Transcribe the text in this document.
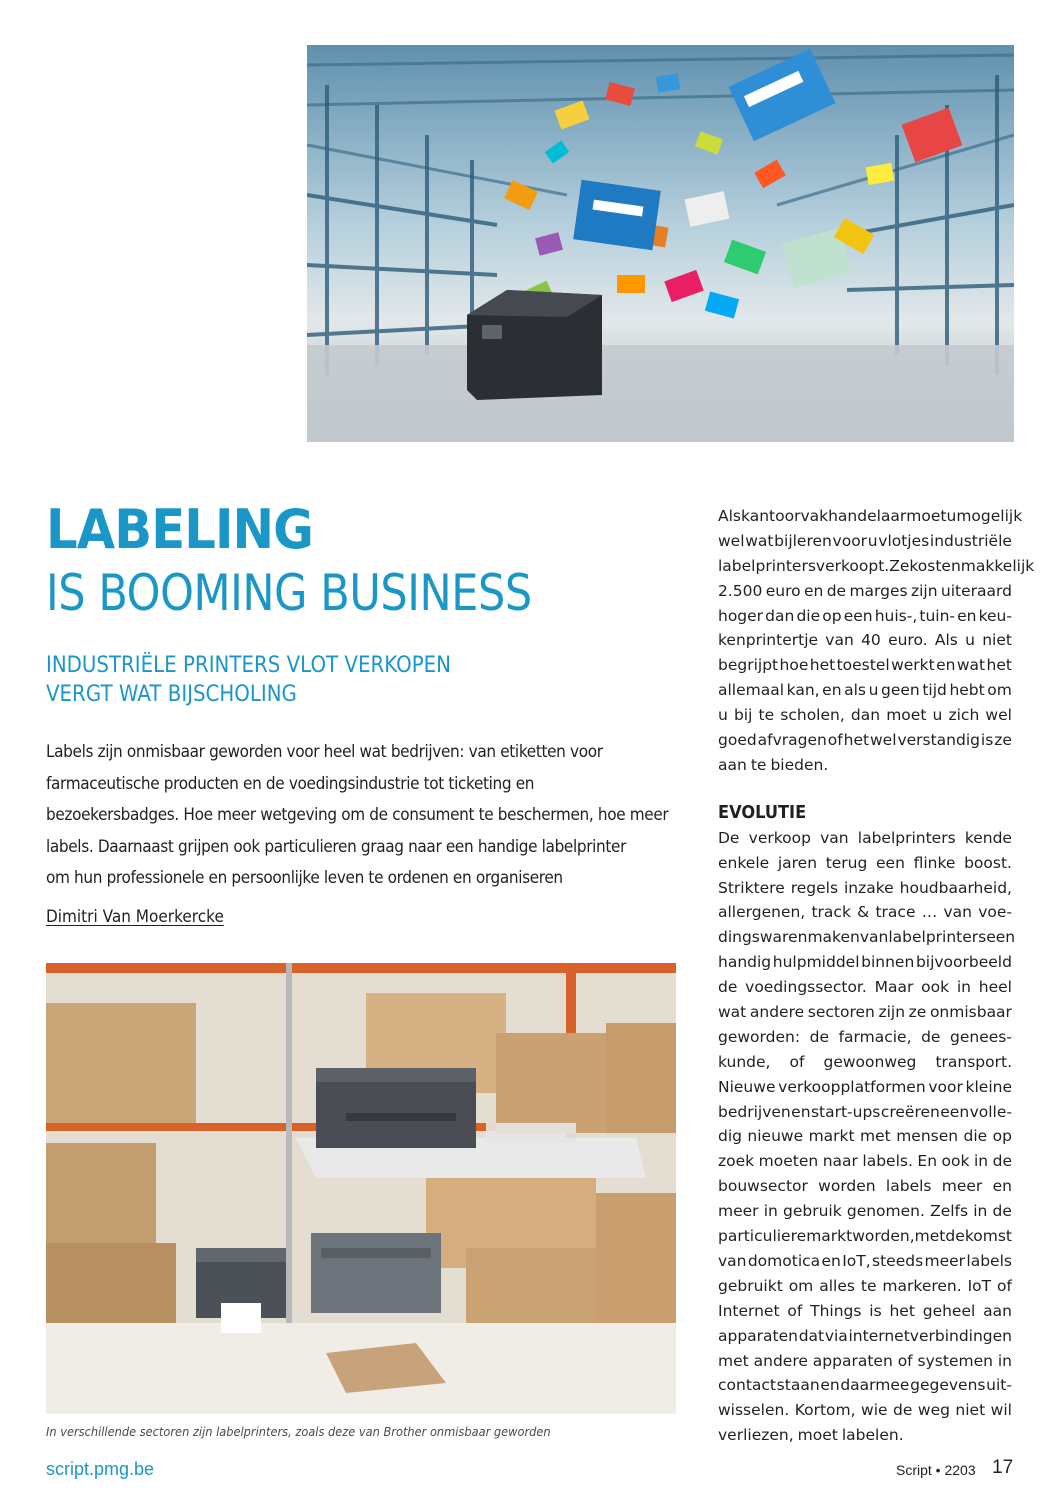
LABELING
IS BOOMING BUSINESS
INDUSTRIËLE PRINTERS VLOT VERKOPEN
VERGT WAT BIJSCHOLING
Labels zijn onmisbaar geworden voor heel wat bedrijven: van etiketten voor
farmaceutische producten en de voedingsindustrie tot ticketing en
bezoekersbadges. Hoe meer wetgeving om de consument te beschermen, hoe meer
labels. Daarnaast grijpen ook particulieren graag naar een handige labelprinter
om hun professionele en persoonlijke leven te ordenen en organiseren
Dimitri Van Moerkercke
In verschillende sectoren zijn labelprinters, zoals deze van Brother onmisbaar geworden
Als kantoorvakhandelaar moet u mogelijk
wel wat bijleren voor u vlotjes industriële
labelprinters verkoopt. Ze kosten makkelijk
2.500 euro en de marges zijn uiteraard
hoger dan die op een huis-, tuin- en keu-
kenprintertje van 40 euro. Als u niet
begrijpt hoe het toestel werkt en wat het
allemaal kan, en als u geen tijd hebt om
u bij te scholen, dan moet u zich wel
goed afvragen of het wel verstandig is ze
aan te bieden.
EVOLUTIE
De verkoop van labelprinters kende
enkele jaren terug een flinke boost.
Striktere regels inzake houdbaarheid,
allergenen, track & trace … van voe-
dingswaren maken van labelprinters een
handig hulpmiddel binnen bijvoorbeeld
de voedingssector. Maar ook in heel
wat andere sectoren zijn ze onmisbaar
geworden: de farmacie, de genees-
kunde, of gewoonweg transport.
Nieuwe verkoopplatformen voor kleine
bedrijven en start-ups creëren een volle-
dig nieuwe markt met mensen die op
zoek moeten naar labels. En ook in de
bouwsector worden labels meer en
meer in gebruik genomen. Zelfs in de
particuliere markt worden, met de komst
van domotica en IoT, steeds meer labels
gebruikt om alles te markeren. IoT of
Internet of Things is het geheel aan
apparaten dat via internetverbindingen
met andere apparaten of systemen in
contact staan en daarmee gegevens uit-
wisselen. Kortom, wie de weg niet wil
verliezen, moet labelen.
script.pmg.be	Script • 2203 17
